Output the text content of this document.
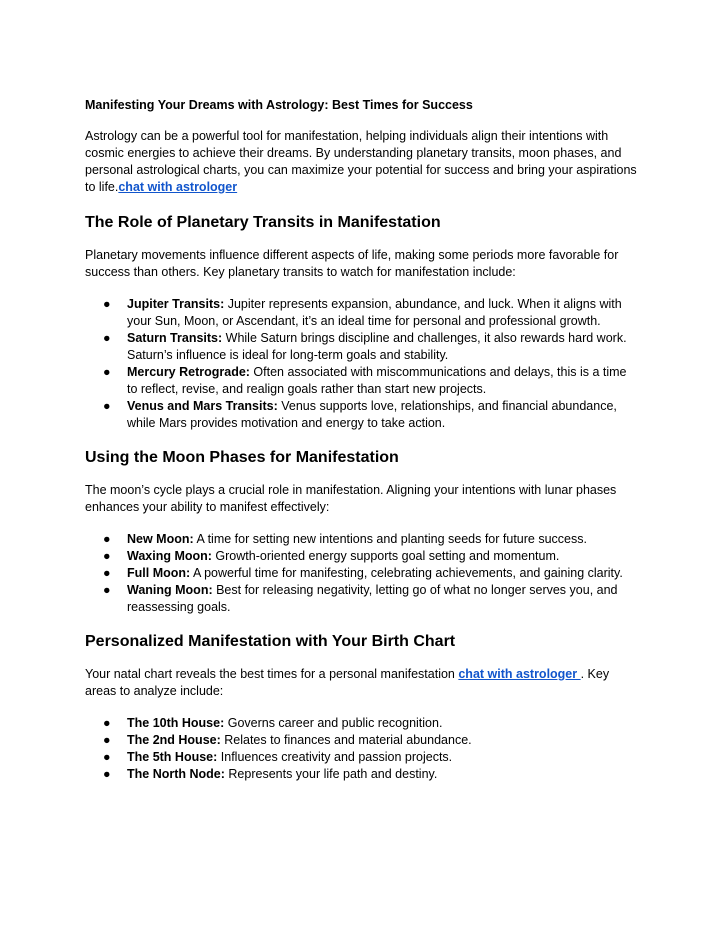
Manifesting Your Dreams with Astrology: Best Times for Success

Astrology can be a powerful tool for manifestation, helping individuals align their intentions with cosmic energies to achieve their dreams. By understanding planetary transits, moon phases, and personal astrological charts, you can maximize your potential for success and bring your aspirations to life.chat with astrologer

The Role of Planetary Transits in Manifestation

Planetary movements influence different aspects of life, making some periods more favorable for success than others. Key planetary transits to watch for manifestation include:

● Jupiter Transits: Jupiter represents expansion, abundance, and luck. When it aligns with your Sun, Moon, or Ascendant, it’s an ideal time for personal and professional growth.
● Saturn Transits: While Saturn brings discipline and challenges, it also rewards hard work. Saturn’s influence is ideal for long-term goals and stability.
● Mercury Retrograde: Often associated with miscommunications and delays, this is a time to reflect, revise, and realign goals rather than start new projects.
● Venus and Mars Transits: Venus supports love, relationships, and financial abundance, while Mars provides motivation and energy to take action.
Using the Moon Phases for Manifestation

The moon’s cycle plays a crucial role in manifestation. Aligning your intentions with lunar phases enhances your ability to manifest effectively:

● New Moon: A time for setting new intentions and planting seeds for future success.
● Waxing Moon: Growth-oriented energy supports goal setting and momentum.
● Full Moon: A powerful time for manifesting, celebrating achievements, and gaining clarity.
● Waning Moon: Best for releasing negativity, letting go of what no longer serves you, and reassessing goals.
Personalized Manifestation with Your Birth Chart

Your natal chart reveals the best times for a personal manifestation chat with astrologer . Key areas to analyze include:

● The 10th House: Governs career and public recognition.
● The 2nd House: Relates to finances and material abundance.
● The 5th House: Influences creativity and passion projects.
● The North Node: Represents your life path and destiny.
